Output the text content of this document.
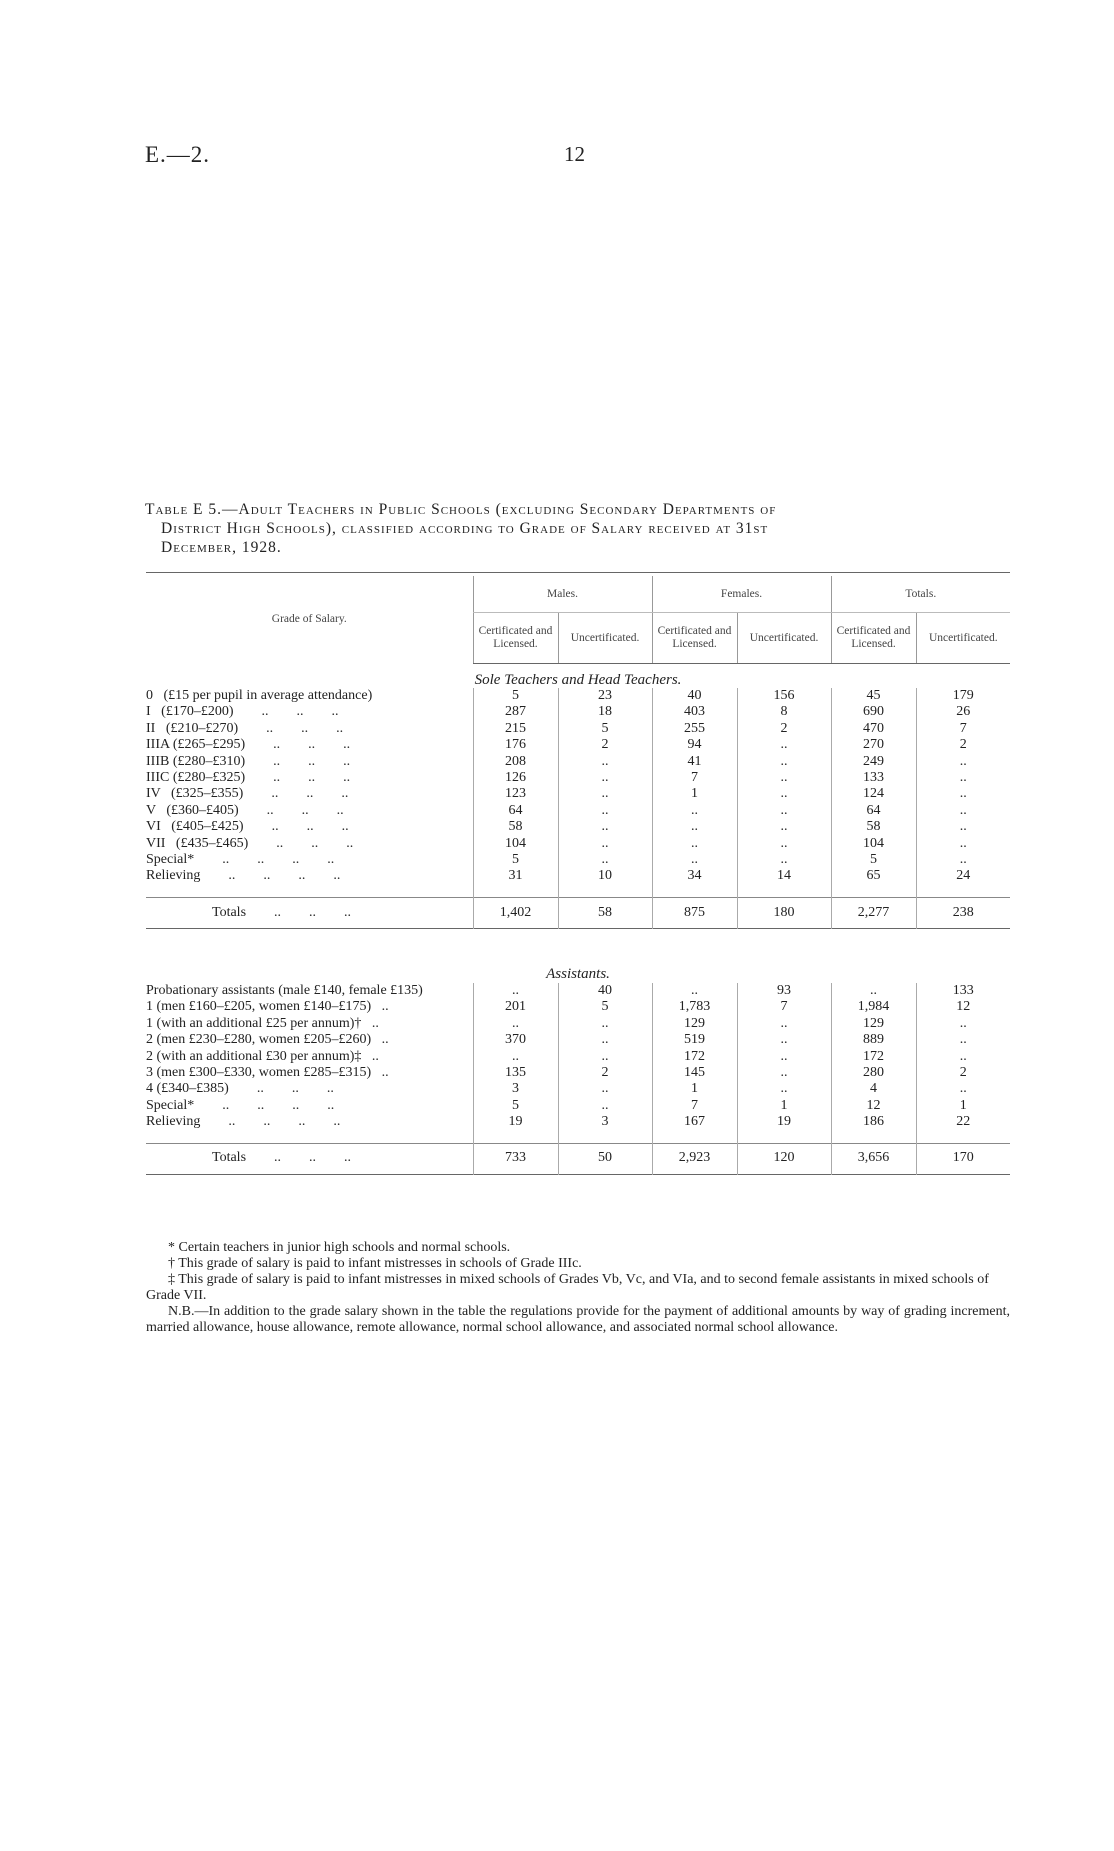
E.—2.	12
Table E 5.—Adult Teachers in Public Schools (excluding Secondary Departments of
District High Schools), classified according to Grade of Salary received at 31st
December, 1928.
Grade of Salary.	Males.		Females.		Totals.	
	Certificated and Licensed.	Uncertificated.	Certificated and Licensed.	Uncertificated.	Certificated and Licensed.	Uncertificated.
Sole Teachers and Head Teachers.						
0   (£15 per pupil in average attendance)	5	23	40	156	45	179
I   (£170–£200)        ..        ..        ..	287	18	403	8	690	26
II   (£210–£270)        ..        ..        ..	215	5	255	2	470	7
IIIA (£265–£295)        ..        ..        ..	176	2	94	..	270	2
IIIB (£280–£310)        ..        ..        ..	208	..	41	..	249	..
IIIC (£280–£325)        ..        ..        ..	126	..	7	..	133	..
IV   (£325–£355)        ..        ..        ..	123	..	1	..	124	..
V   (£360–£405)        ..        ..        ..	64	..	..	..	64	..
VI   (£405–£425)        ..        ..        ..	58	..	..	..	58	..
VII   (£435–£465)        ..        ..        ..	104	..	..	..	104	..
Special*        ..        ..        ..        ..	5	..	..	..	5	..
Relieving        ..        ..        ..        ..	31	10	34	14	65	24

Totals        ..        ..        ..	1,402	58	875	180	2,277	238

Assistants.						
Probationary assistants (male £140, female £135)	..	40	..	93	..	133
1 (men £160–£205, women £140–£175)   ..	201	5	1,783	7	1,984	12
1 (with an additional £25 per annum)†   ..	..	..	129	..	129	..
2 (men £230–£280, women £205–£260)   ..	370	..	519	..	889	..
2 (with an additional £30 per annum)‡   ..	..	..	172	..	172	..
3 (men £300–£330, women £285–£315)   ..	135	2	145	..	280	2
4 (£340–£385)        ..        ..        ..	3	..	1	..	4	..
Special*        ..        ..        ..        ..	5	..	7	1	12	1
Relieving        ..        ..        ..        ..	19	3	167	19	186	22

Totals        ..        ..        ..	733	50	2,923	120	3,656	170

* Certain teachers in junior high schools and normal schools.

† This grade of salary is paid to infant mistresses in schools of Grade IIIc.

‡ This grade of salary is paid to infant mistresses in mixed schools of Grades Vb, Vc, and VIa, and to second female assistants in mixed schools of Grade VII.

N.B.—In addition to the grade salary shown in the table the regulations provide for the payment of additional amounts by way of grading increment, married allowance, house allowance, remote allowance, normal school allowance, and associated normal school allowance.
